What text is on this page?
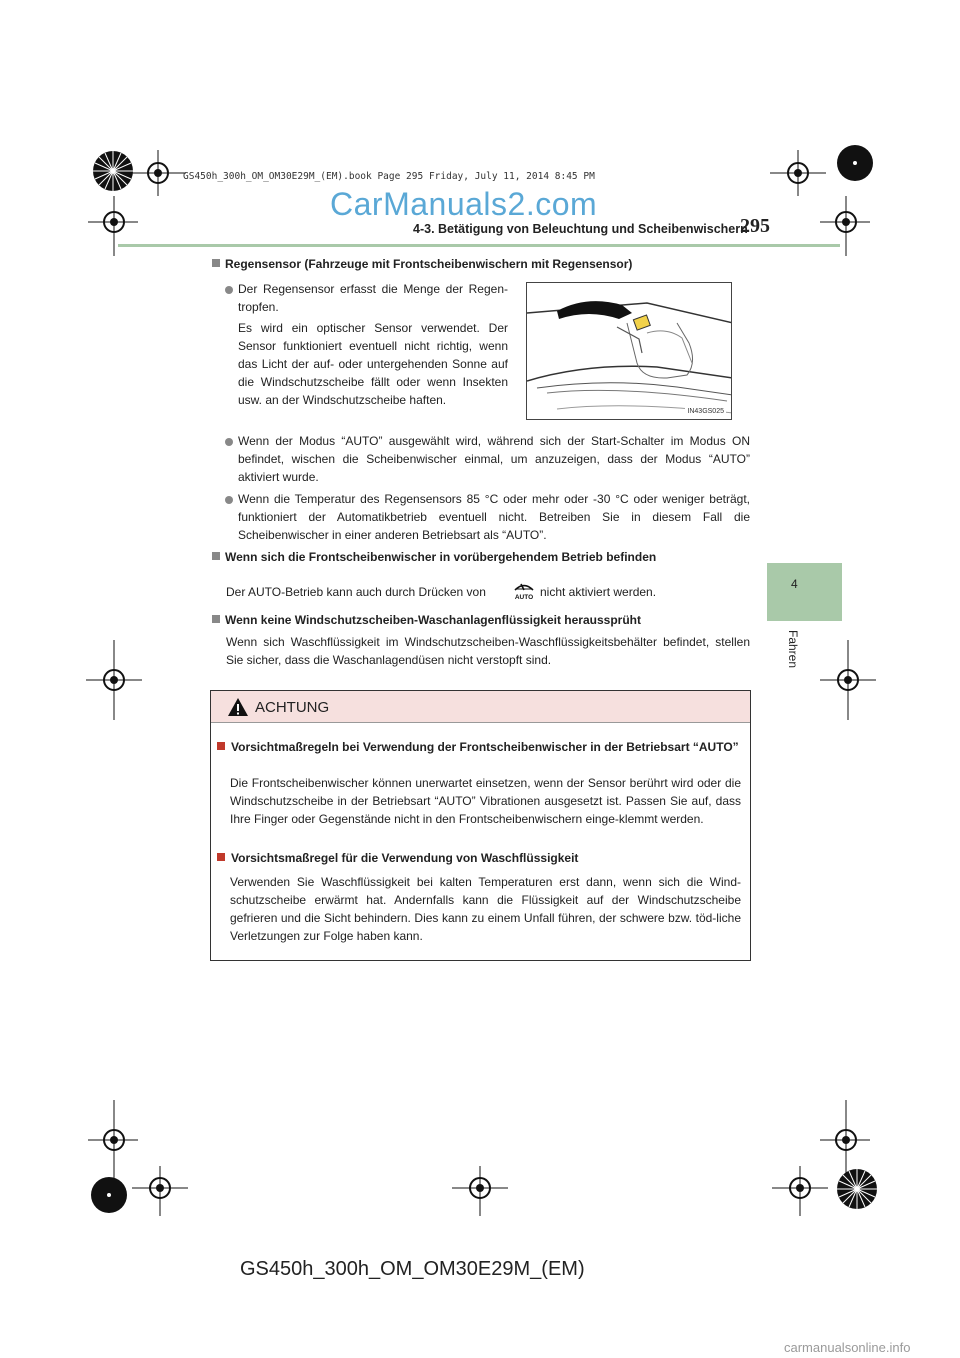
GS450h_300h_OM_OM30E29M_(EM).book Page 295 Friday, July 11, 2014 8:45 PM
CarManuals2.com
4-3. Betätigung von Beleuchtung und Scheibenwischern
295
4
Fahren
Regensensor (Fahrzeuge mit Frontscheibenwischern mit Regensensor)
Der Regensensor erfasst die Menge der Regen-tropfen.
Es wird ein optischer Sensor verwendet. Der Sensor funktioniert eventuell nicht richtig, wenn das Licht der auf- oder untergehenden Sonne auf die Windschutzscheibe fällt oder wenn Insekten usw. an der Windschutzscheibe haften.
IN43GS025
Wenn der Modus “AUTO” ausgewählt wird, während sich der Start-Schalter im Modus ON befindet, wischen die Scheibenwischer einmal, um anzuzeigen, dass der Modus “AUTO” aktiviert wurde.
Wenn die Temperatur des Regensensors 85 °C oder mehr oder -30 °C oder weniger beträgt, funktioniert der Automatikbetrieb eventuell nicht. Betreiben Sie in diesem Fall die Scheibenwischer in einer anderen Betriebsart als “AUTO”.
Wenn sich die Frontscheibenwischer in vorübergehendem Betrieb befinden
Der AUTO-Betrieb kann auch durch Drücken von	AUTO nicht aktiviert werden.
Wenn keine Windschutzscheiben-Waschanlagenflüssigkeit heraussprüht
Wenn sich Waschflüssigkeit im Windschutzscheiben-Waschflüssigkeitsbehälter befindet, stellen Sie sicher, dass die Waschanlagendüsen nicht verstopft sind.
ACHTUNG
Vorsichtmaßregeln bei Verwendung der Frontscheibenwischer in der Betriebsart “AUTO”
Die Frontscheibenwischer können unerwartet einsetzen, wenn der Sensor berührt wird oder die Windschutzscheibe in der Betriebsart “AUTO” Vibrationen ausgesetzt ist. Passen Sie auf, dass Ihre Finger oder Gegenstände nicht in den Frontscheibenwischern einge-klemmt werden.
Vorsichtsmaßregel für die Verwendung von Waschflüssigkeit
Verwenden Sie Waschflüssigkeit bei kalten Temperaturen erst dann, wenn sich die Wind-schutzscheibe erwärmt hat. Andernfalls kann die Flüssigkeit auf der Windschutzscheibe gefrieren und die Sicht behindern. Dies kann zu einem Unfall führen, der schwere bzw. töd-liche Verletzungen zur Folge haben kann.
GS450h_300h_OM_OM30E29M_(EM)
carmanualsonline.info
